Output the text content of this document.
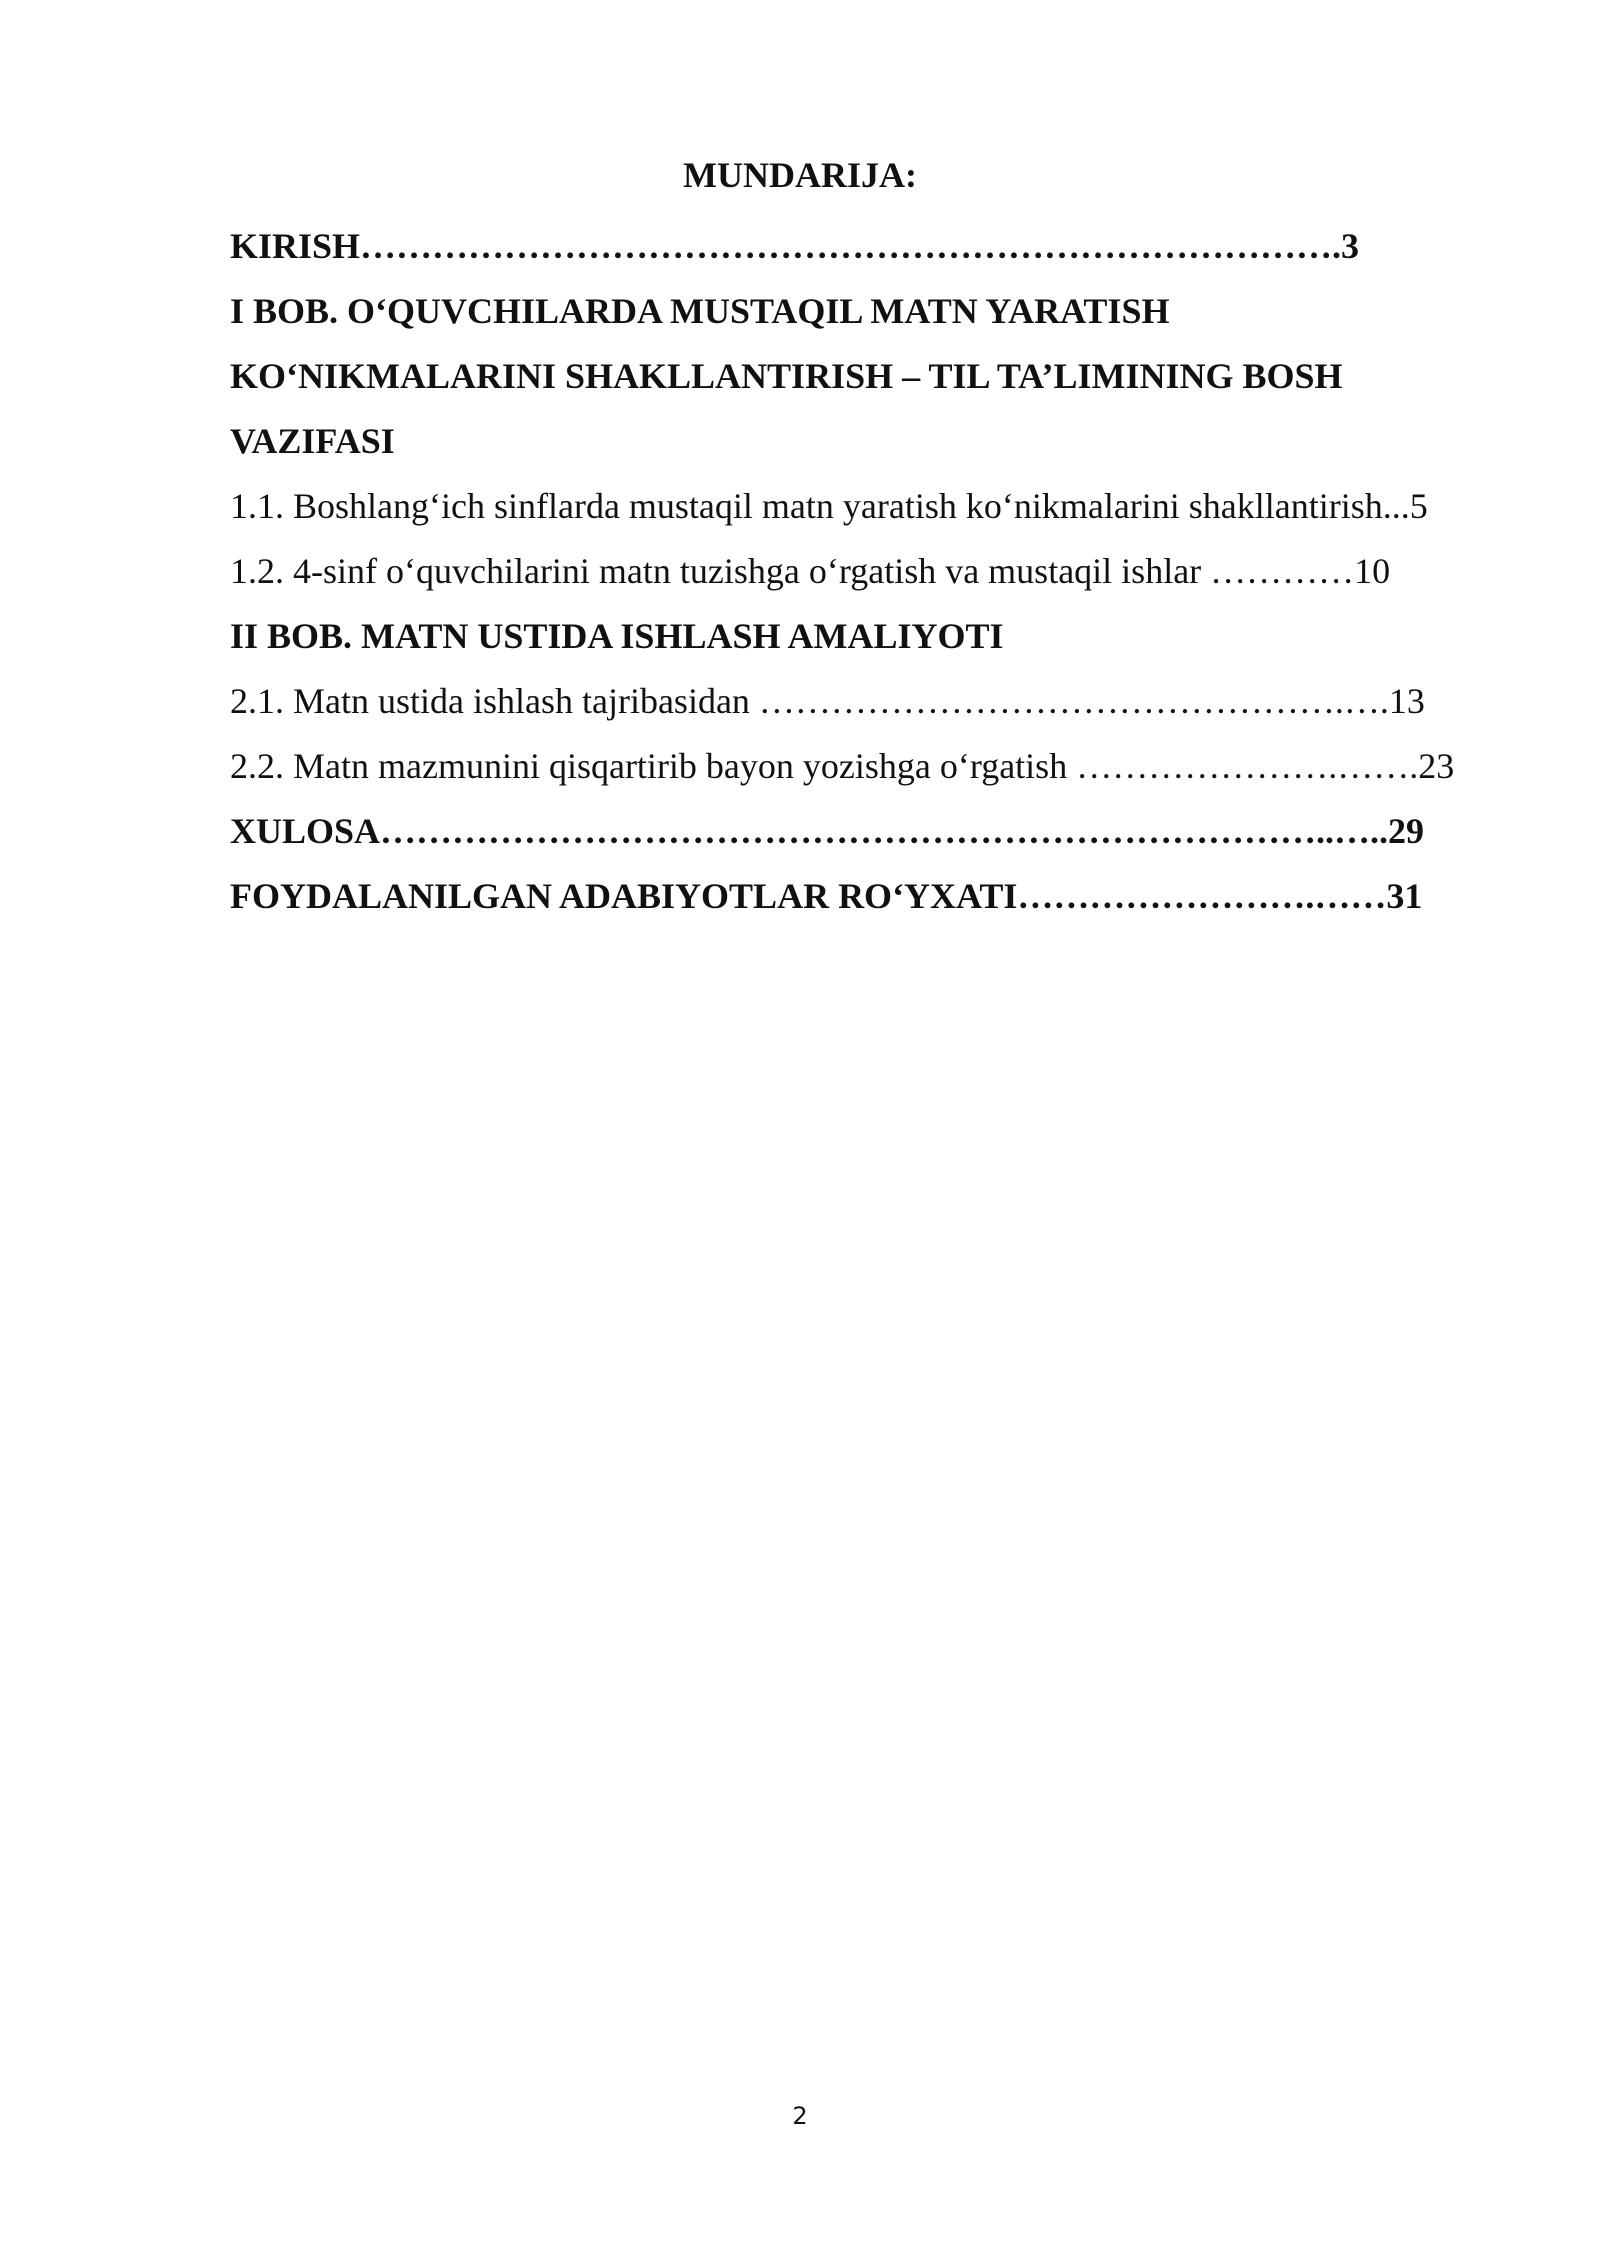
MUNDARIJA:
KIRISH……………………………………………………………………….3
I BOB. O‘QUVCHILARDA MUSTAQIL MATN YARATISH
KO‘NIKMALARINI SHAKLLANTIRISH – TIL TA’LIMINING BOSH
VAZIFASI
1.1. Boshlang‘ich sinflarda mustaqil matn yaratish ko‘nikmalarini shakllantirish...5
1.2. 4-sinf o‘quvchilarini matn tuzishga o‘rgatish va mustaqil ishlar …………10
II BOB. MATN USTIDA ISHLASH AMALIYOTI
2.1. Matn ustida ishlash tajribasidan ………………………………………….….13
2.2. Matn mazmunini qisqartirib bayon yozishga o‘rgatish ………………….…….23
XULOSA……………………………………………………………………..…..29
FOYDALANILGAN ADABIYOTLAR RO‘YXATI…………………….……31
2
